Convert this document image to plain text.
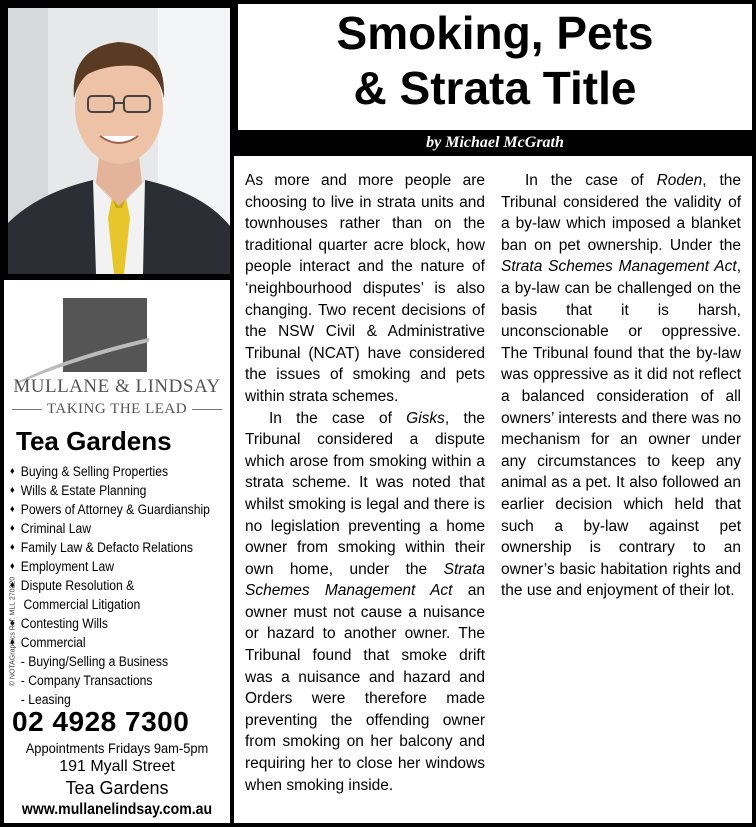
MULLANE & LINDSAY
TAKING THE LEAD
Tea Gardens
♦ Buying & Selling Properties
♦ Wills & Estate Planning
♦ Powers of Attorney & Guardianship
♦ Criminal Law
♦ Family Law & Defacto Relations
♦ Employment Law
♦ Dispute Resolution &
Commercial Litigation
♦ Contesting Wills
♦ Commercial
- Buying/Selling a Business
- Company Transactions
- Leasing
© NOTAGraphics Ref: MLL 270220
02 4928 7300
Appointments Fridays 9am-5pm
191 Myall Street
Tea Gardens
www.mullanelindsay.com.au
Smoking, Pets
& Strata Title
by Michael McGrath

As more and more people are choosing to live in strata units and townhouses rather than on the traditional quarter acre block, how people interact and the nature of ‘neighbourhood disputes’ is also changing. Two recent decisions of the NSW Civil & Administrative Tribunal (NCAT) have considered the issues of smoking and pets within strata schemes.

In the case of Gisks, the Tribunal considered a dispute which arose from smoking within a strata scheme. It was noted that whilst smoking is legal and there is no legislation preventing a home owner from smoking within their own home, under the Strata Schemes Management Act an owner must not cause a nuisance or hazard to another owner. The Tribunal found that smoke drift was a nuisance and hazard and Orders were therefore made preventing the offending owner from smoking on her balcony and requiring her to close her windows when smoking inside.

In the case of Roden, the Tribunal considered the validity of a by-law which imposed a blanket ban on pet ownership. Under the Strata Schemes Management Act, a by-law can be challenged on the basis that it is harsh, unconscionable or oppressive. The Tribunal found that the by-law was oppressive as it did not reflect a balanced consideration of all owners’ interests and there was no mechanism for an owner under any circumstances to keep any animal as a pet. It also followed an earlier decision which held that such a by-law against pet ownership is contrary to an owner’s basic habitation rights and the use and enjoyment of their lot.
